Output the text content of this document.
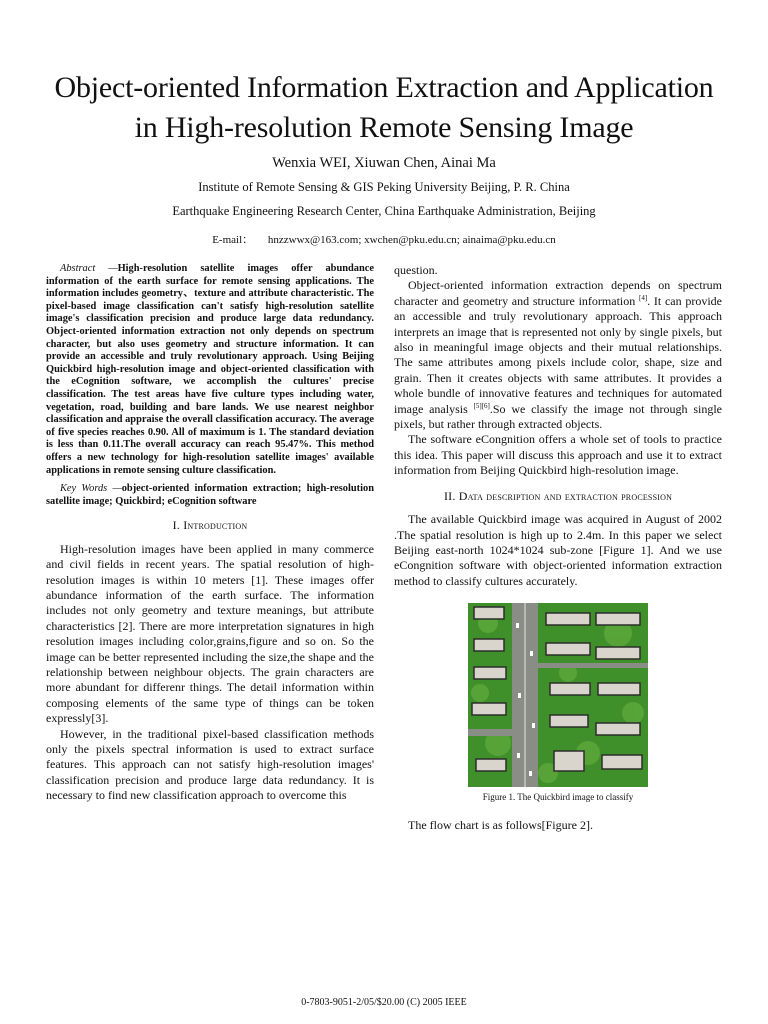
Object-oriented Information Extraction and Application
in High-resolution Remote Sensing Image
Wenxia WEI, Xiuwan Chen, Ainai Ma
Institute of Remote Sensing & GIS Peking University Beijing, P. R. China
Earthquake Engineering Research Center, China Earthquake Administration, Beijing
E-mail： hnzzwwx@163.com; xwchen@pku.edu.cn; ainaima@pku.edu.cn

Abstract —High-resolution satellite images offer abundance information of the earth surface for remote sensing applications. The information includes geometry、texture and attribute characteristic. The pixel-based image classification can't satisfy high-resolution satellite image's classification precision and produce large data redundancy. Object-oriented information extraction not only depends on spectrum character, but also uses geometry and structure information. It can provide an accessible and truly revolutionary approach. Using Beijing Quickbird high-resolution image and object-oriented classification with the eCognition software, we accomplish the cultures' precise classification. The test areas have five culture types including water, vegetation, road, building and bare lands. We use nearest neighbor classification and appraise the overall classification accuracy. The average of five species reaches 0.90. All of maximum is 1. The standard deviation is less than 0.11.The overall accuracy can reach 95.47%. This method offers a new technology for high-resolution satellite images' available applications in remote sensing culture classification.

Key Words —object-oriented information extraction; high-resolution satellite image; Quickbird; eCognition software

I. Introduction

High-resolution images have been applied in many commerce and civil fields in recent years. The spatial resolution of high-resolution images is within 10 meters [1]. These images offer abundance information of the earth surface. The information includes not only geometry and texture meanings, but attribute characteristics [2]. There are more interpretation signatures in high resolution images including color,grains,figure and so on. So the image can be better represented including the size,the shape and the relationship between neighbour objects. The grain characters are more abundant for differenr things. The detail information within composing elements of the same type of things can be token expressly[3].

However, in the traditional pixel-based classification methods only the pixels spectral information is used to extract surface features. This approach can not satisfy high-resolution images' classification precision and produce large data redundancy. It is necessary to find new classification approach to overcome this

question.

Object-oriented information extraction depends on spectrum character and geometry and structure information [4]. It can provide an accessible and truly revolutionary approach. This approach interprets an image that is represented not only by single pixels, but also in meaningful image objects and their mutual relationships. The same attributes among pixels include color, shape, size and grain. Then it creates objects with same attributes. It provides a whole bundle of innovative features and techniques for automated image analysis [5][6].So we classify the image not through single pixels, but rather through extracted objects.

The software eCongnition offers a whole set of tools to practice this idea. This paper will discuss this approach and use it to extract information from Beijing Quickbird high-resolution image.

II. Data description and extraction procession

The available Quickbird image was acquired in August of 2002 .The spatial resolution is high up to 2.4m. In this paper we select Beijing east-north 1024*1024 sub-zone [Figure 1]. And we use eCongnition software with object-oriented information extraction method to classify cultures accurately.

Figure 1. The Quickbird image to classify

The flow chart is as follows[Figure 2].

0-7803-9051-2/05/$20.00 (C) 2005 IEEE
